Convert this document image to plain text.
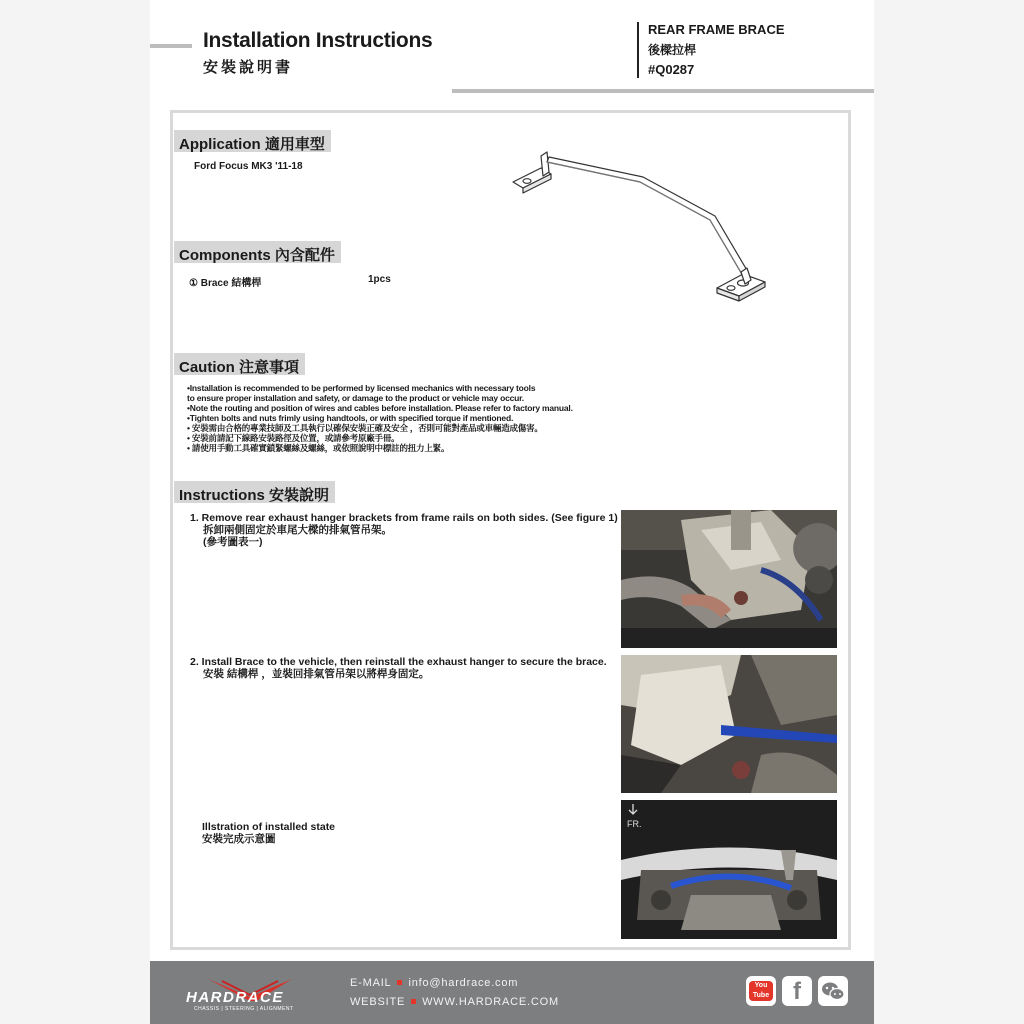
Installation Instructions
安裝說明書
REAR FRAME BRACE
後樑拉桿
#Q0287
Application 適用車型
Ford Focus MK3 '11-18
Components 內含配件
① Brace 結構桿	1pcs
Caution 注意事項

•Installation is recommended to be performed by licensed mechanics with necessary tools

to ensure proper installation and safety, or damage to the product or vehicle may occur.

•Note the routing and position of wires and cables before installation. Please refer to factory manual.

•Tighten bolts and nuts frimly using handtools, or with specified torque if mentioned.

• 安裝需由合格的專業技師及工具執行以確保安裝正確及安全 ，否則可能對產品或車輛造成傷害。

• 安裝前請記下線路安裝路徑及位置，或請參考原廠手冊。

• 請使用手動工具確實鎖緊螺絲及螺絲，或依照說明中標註的扭力上緊。

Instructions 安裝說明
1. Remove rear exhaust hanger brackets from frame rails on both sides. (See figure 1)
拆卸兩側固定於車尾大樑的排氣管吊架。
(參考圖表一)
2. Install Brace to the vehicle, then reinstall the exhaust hanger to secure the brace.
安裝 結構桿 ，並裝回排氣管吊架以將桿身固定。
Illstration of installed state
安裝完成示意圖
FR.
HARDRACE
CHASSIS | STEERING | ALIGNMENT
E-MAIL info@hardrace.com
WEBSITE WWW.HARDRACE.COM
You Tube f
